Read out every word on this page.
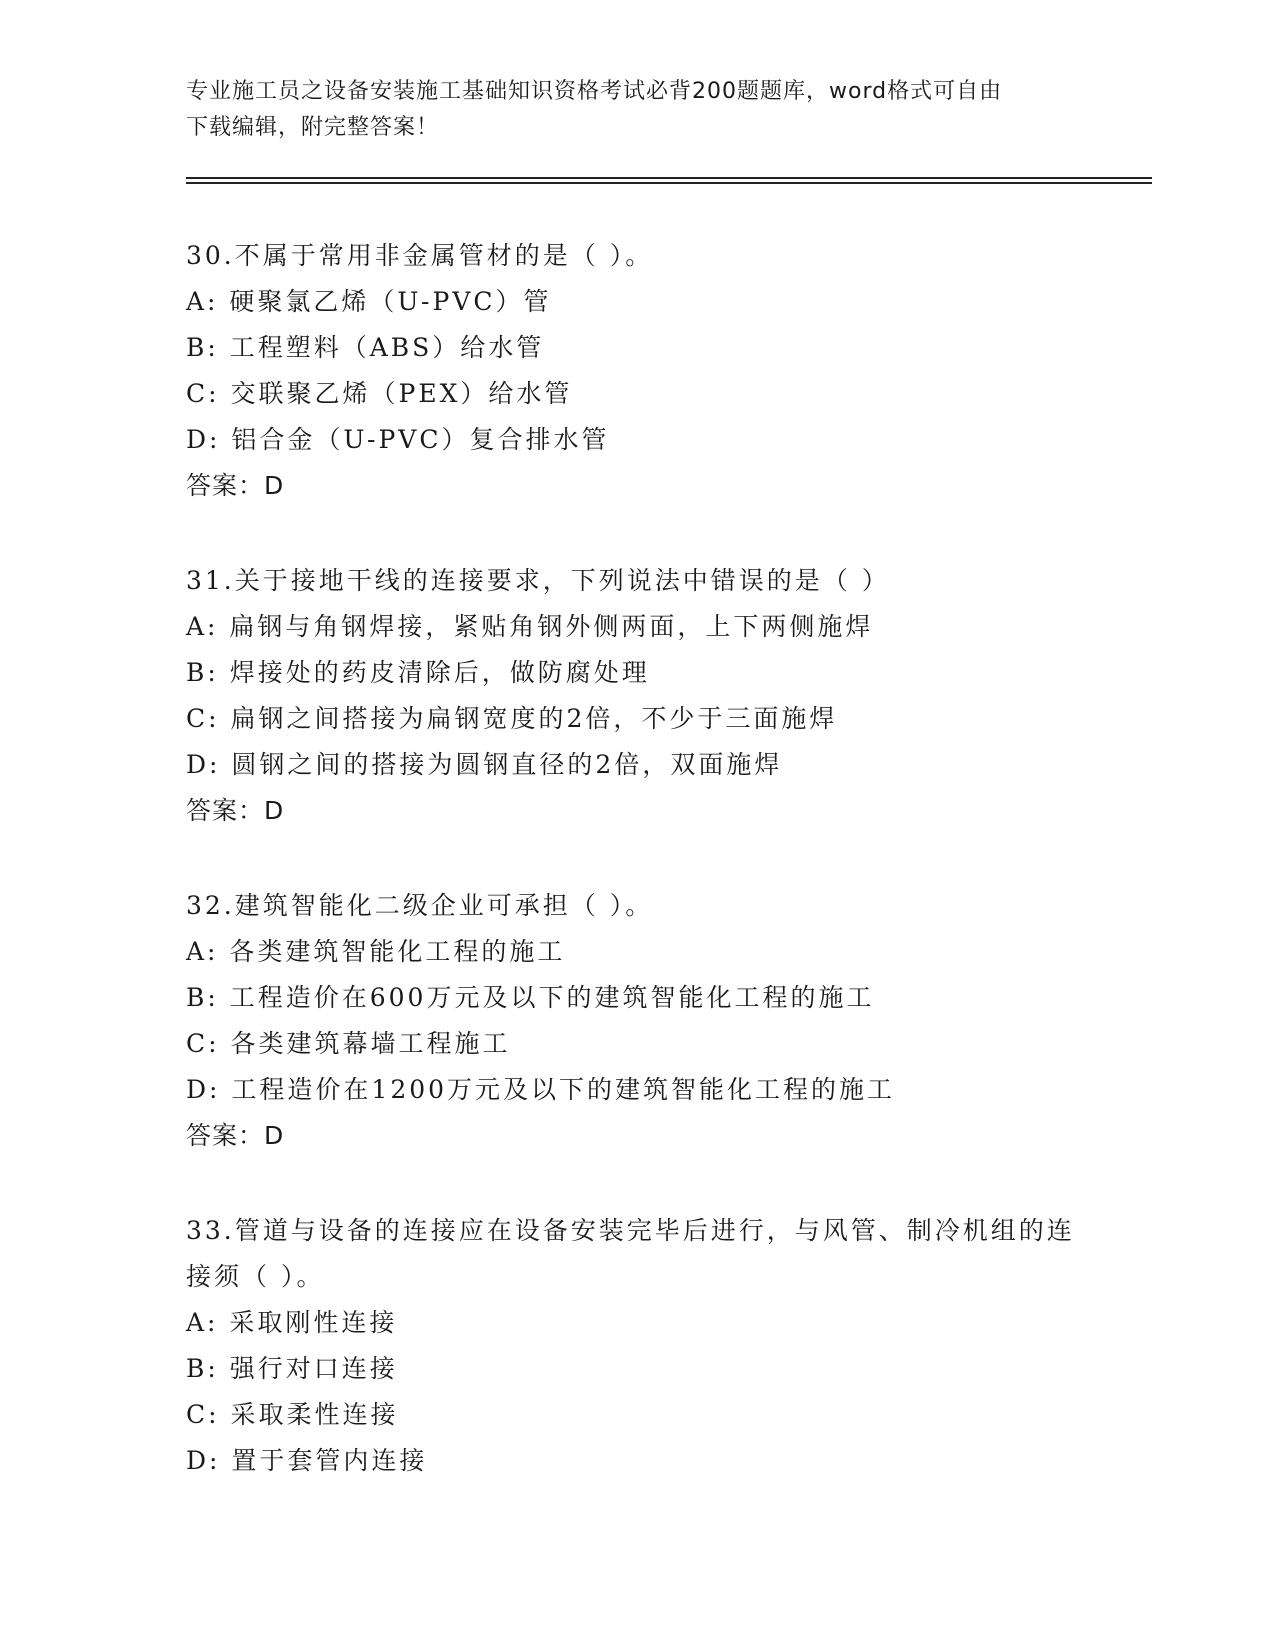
专业施工员之设备安装施工基础知识资格考试必背200题题库，word格式可自由
下载编辑，附完整答案！
30.不属于常用非金属管材的是（ ）。
A: 硬聚氯乙烯（U-PVC）管
B: 工程塑料（ABS）给水管
C: 交联聚乙烯（PEX）给水管
D: 铝合金（U-PVC）复合排水管
答案：D
31.关于接地干线的连接要求，下列说法中错误的是（ ）
A: 扁钢与角钢焊接，紧贴角钢外侧两面，上下两侧施焊
B: 焊接处的药皮清除后，做防腐处理
C: 扁钢之间搭接为扁钢宽度的2倍，不少于三面施焊
D: 圆钢之间的搭接为圆钢直径的2倍，双面施焊
答案：D
32.建筑智能化二级企业可承担（ ）。
A: 各类建筑智能化工程的施工
B: 工程造价在600万元及以下的建筑智能化工程的施工
C: 各类建筑幕墙工程施工
D: 工程造价在1200万元及以下的建筑智能化工程的施工
答案：D
33.管道与设备的连接应在设备安装完毕后进行，与风管、制冷机组的连接须（ ）。
A: 采取刚性连接
B: 强行对口连接
C: 采取柔性连接
D: 置于套管内连接
